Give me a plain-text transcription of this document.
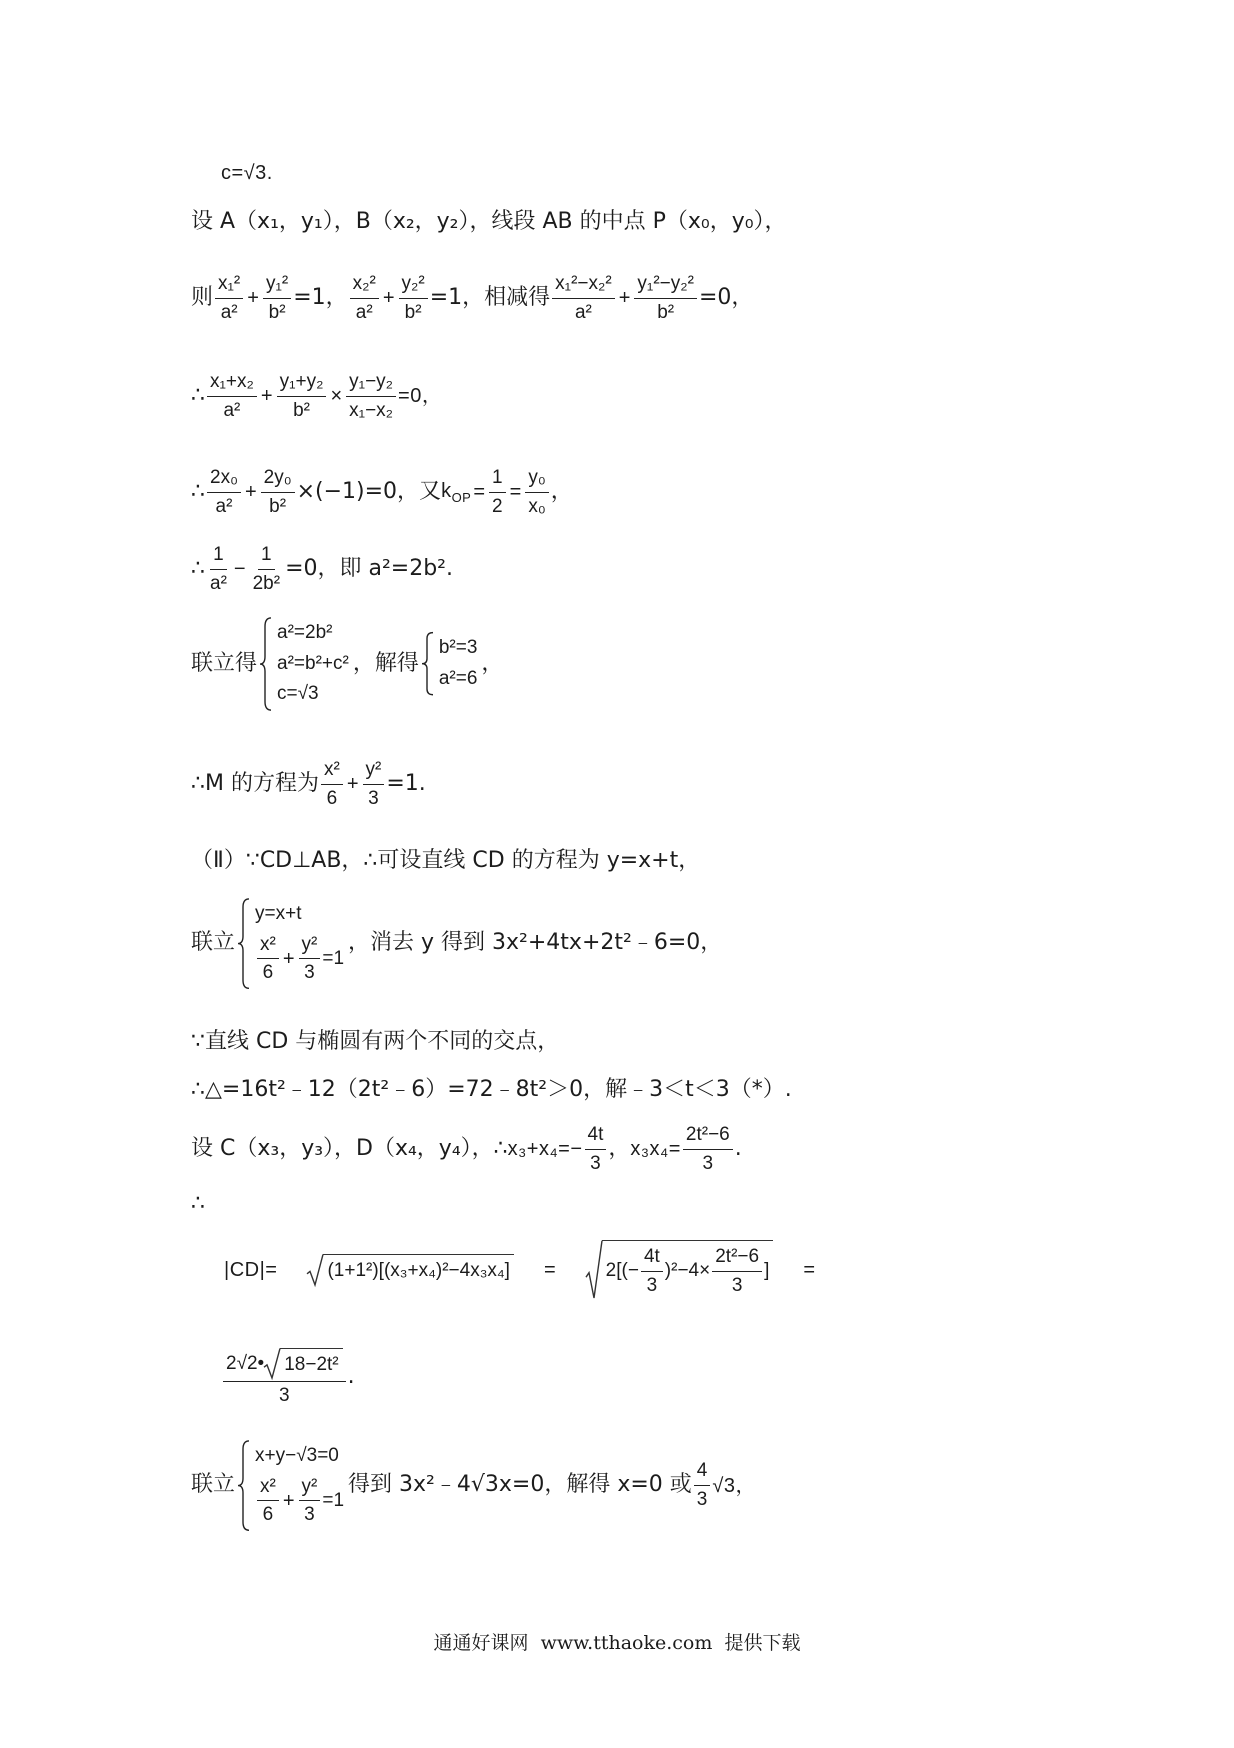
c=√3.
设 A（x₁，y₁），B（x₂，y₂），线段 AB 的中点 P（x₀，y₀），
则 $\frac{\text{x₁²}}{\text{a²}} + \frac{\text{y₁²}}{\text{b²}} =1$， $\frac{\text{x₂²}}{\text{a²}} + \frac{\text{y₂²}}{\text{b²}} =1$，相减得 $\frac{\text{x₁²−x₂²}}{\text{a²}} + \frac{\text{y₁²−y₂²}}{\text{b²}} =0$，
∴ $\frac{\text{x₁+x₂}}{\text{a²}} + \frac{\text{y₁+y₂}}{\text{b²}} \times \frac{\text{y₁−y₂}}{\text{x₁−x₂}} =0$，
∴ $\frac{\text{2x₀}}{\text{a²}} + \frac{\text{2y₀}}{\text{b²}} \times(-1)=0$，又 $k_{OP} = \frac{1}{2} = \frac{\text{y₀}}{\text{x₀}}$ ，
∴ $\frac{1}{\text{a²}} - \frac{1}{\text{2b²}} =0$，即 a²=2b².
联立得
a²=2b²
a²=b²+c²
c=√3
，解得
b²=3
a²=6
，
∴M 的方程为 $\frac{\text{x²}}{6} + \frac{\text{y²}}{3} =1$.
（Ⅱ）∵CD⊥AB，∴可设直线 CD 的方程为 y=x+t，
联立
y=x+t
$\frac{\text{x²}}{6} + \frac{\text{y²}}{3} =1$
，消去 y 得到 3x²+4tx+2t²﹣6=0，
∵直线 CD 与椭圆有两个不同的交点，
∴△=16t²﹣12（2t²﹣6）=72﹣8t²＞0，解﹣3＜t＜3（*）.
设 C（x₃，y₃），D（x₄，y₄），∴ $x_3+x_4=- \frac{4t}{3}$ ， $x_3x_4= \frac{\text{2t²−6}}{3}$ .
∴
|CD|=	(1+1²)[(x₃+x₄)²−4x₃x₄] =	$2[(- \frac{4t}{3} )^2-4\times \frac{\text{2t²−6}}{3}$ ] =
$\frac{\text{2√2• 18−2t²}}{3}$ .
联立
x+y−√3=0
$\frac{\text{x²}}{6} + \frac{\text{y²}}{3} =1$
得到 3x²﹣4√3x=0，解得 x=0 或 $\frac{4}{3} √3$，
通通好课网  www.tthaoke.com  提供下载
